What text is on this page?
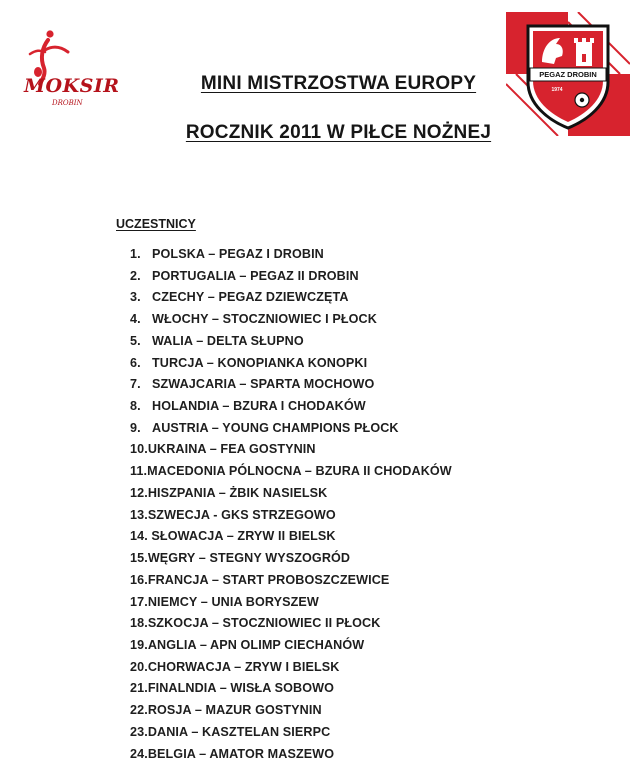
MOKSIR
DROBIN
PEGAZ DROBIN
1974
MINI MISTRZOSTWA EUROPY
ROCZNIK 2011 W PIŁCE NOŻNEJ
UCZESTNICY
1. POLSKA – PEGAZ I DROBIN
2. PORTUGALIA – PEGAZ II DROBIN
3. CZECHY – PEGAZ DZIEWCZĘTA
4. WŁOCHY – STOCZNIOWIEC I PŁOCK
5. WALIA – DELTA SŁUPNO
6. TURCJA – KONOPIANKA KONOPKI
7. SZWAJCARIA – SPARTA MOCHOWO
8. HOLANDIA – BZURA I CHODAKÓW
9. AUSTRIA – YOUNG CHAMPIONS PŁOCK
10.UKRAINA – FEA GOSTYNIN
11.MACEDONIA PÓLNOCNA – BZURA II CHODAKÓW
12.HISZPANIA – ŻBIK NASIELSK
13.SZWECJA - GKS STRZEGOWO
14. SŁOWACJA – ZRYW II BIELSK
15.WĘGRY – STEGNY WYSZOGRÓD
16.FRANCJA – START PROBOSZCZEWICE
17.NIEMCY – UNIA BORYSZEW
18.SZKOCJA – STOCZNIOWIEC II PŁOCK
19.ANGLIA – APN OLIMP CIECHANÓW
20.CHORWACJA – ZRYW I BIELSK
21.FINALNDIA – WISŁA SOBOWO
22.ROSJA – MAZUR GOSTYNIN
23.DANIA – KASZTELAN SIERPC
24.BELGIA – AMATOR MASZEWO
